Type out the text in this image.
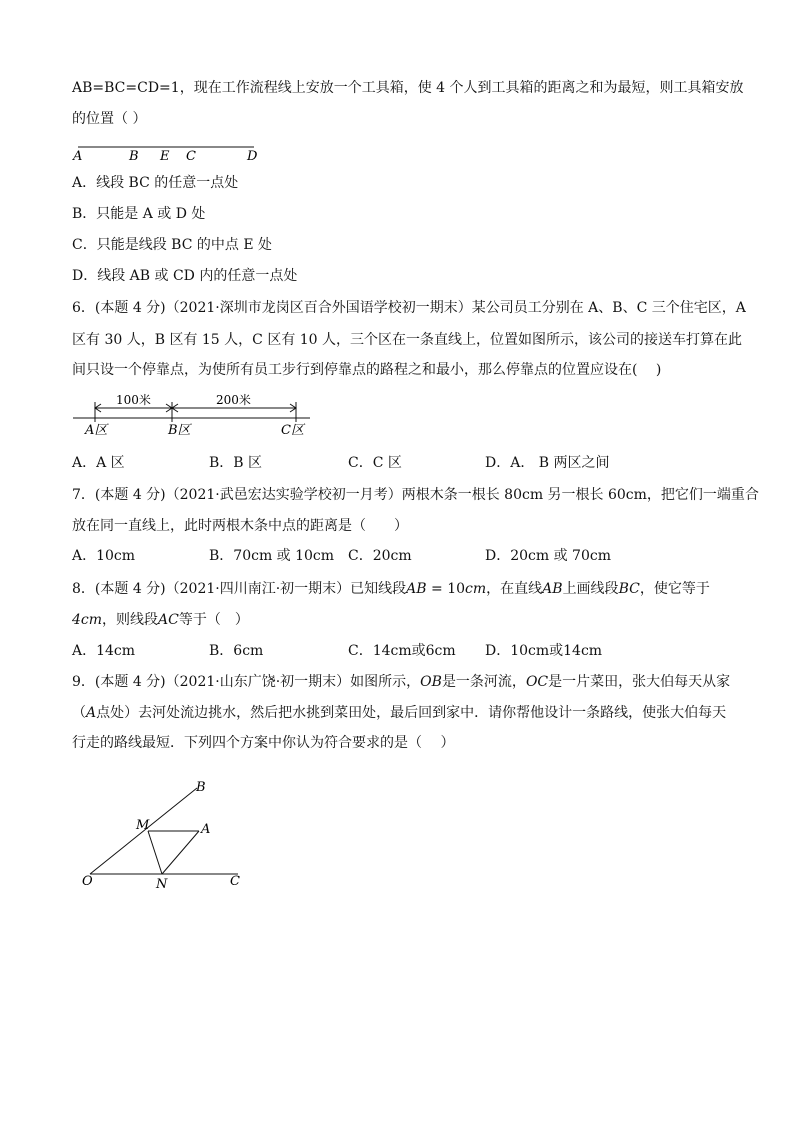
AB=BC=CD=1，现在工作流程线上安放一个工具箱，使 4 个人到工具箱的距离之和为最短，则工具箱安放
的位置（ ）
A	B E C	D
A．线段 BC 的任意一点处
B．只能是 A 或 D 处
C．只能是线段 BC 的中点 E 处
D．线段 AB 或 CD 内的任意一点处
6．(本题 4 分)（2021·深圳市龙岗区百合外国语学校初一期末）某公司员工分别在 A、B、C 三个住宅区，A
区有 30 人，B 区有 15 人，C 区有 10 人，三个区在一条直线上，位置如图所示，该公司的接送车打算在此
间只设一个停靠点，为使所有员工步行到停靠点的路程之和最小，那么停靠点的位置应设在(　 )
100米	200米
A区	B区	C区
A．A 区	B．B 区	C．C 区	D．A． B 两区之间
7．(本题 4 分)（2021·武邑宏达实验学校初一月考）两根木条一根长 80cm 另一根长 60cm，把它们一端重合
放在同一直线上，此时两根木条中点的距离是（　　）
A．10cm	B．70cm 或 10cm C．20cm	D．20cm 或 70cm
8．(本题 4 分)（2021·四川南江·初一期末）已知线段AB = 10cm，在直线AB上画线段BC，使它等于
4cm，则线段AC等于（　）
A．14cm	B．6cm	C．14cm或6cm D．10cm或14cm
9．(本题 4 分)（2021·山东广饶·初一期末）如图所示，OB是一条河流，OC是一片菜田，张大伯每天从家
（A点处）去河处流边挑水，然后把水挑到菜田处，最后回到家中．请你帮他设计一条路线，使张大伯每天
行走的路线最短．下列四个方案中你认为符合要求的是（　 ）
B
M	A
O	N	C
